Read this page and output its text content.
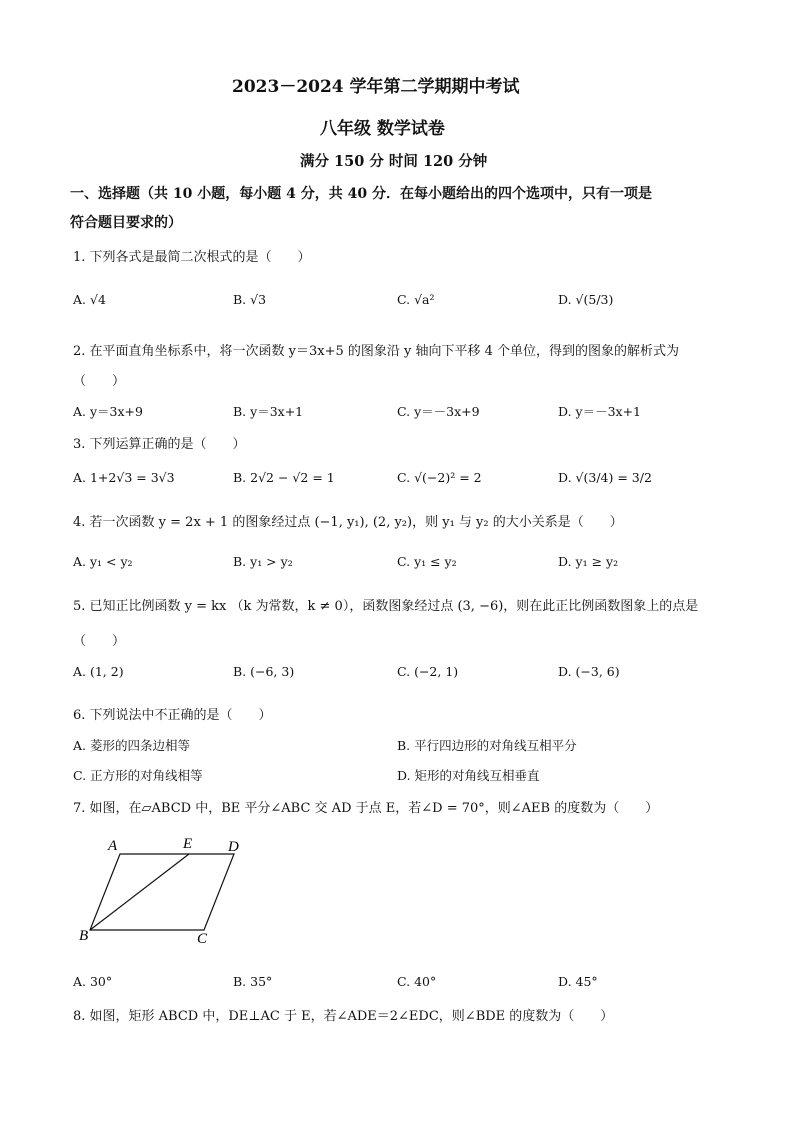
2023－2024 学年第二学期期中考试
八年级 数学试卷
满分 150 分 时间 120 分钟
一、选择题（共 10 小题，每小题 4 分，共 40 分．在每小题给出的四个选项中，只有一项是
符合题目要求的）
1. 下列各式是最简二次根式的是（　　）
A. √4	B. √3	C. √a²	D. √(5/3)
2. 在平面直角坐标系中，将一次函数 y＝3x+5 的图象沿 y 轴向下平移 4 个单位，得到的图象的解析式为
（　　）
A. y＝3x+9	B. y＝3x+1	C. y＝－3x+9	D. y＝－3x+1
3. 下列运算正确的是（　　）
A. 1+2√3 = 3√3	B. 2√2 − √2 = 1	C. √(−2)² = 2	D. √(3/4) = 3/2
4. 若一次函数 y = 2x + 1 的图象经过点 (−1, y₁), (2, y₂)，则 y₁ 与 y₂ 的大小关系是（　　）
A. y₁ < y₂	B. y₁ > y₂	C. y₁ ≤ y₂	D. y₁ ≥ y₂
5. 已知正比例函数 y = kx （k 为常数，k ≠ 0），函数图象经过点 (3, −6)，则在此正比例函数图象上的点是
（　　）
A. (1, 2)	B. (−6, 3)	C. (−2, 1)	D. (−3, 6)
6. 下列说法中不正确的是（　　）
A. 菱形的四条边相等	B. 平行四边形的对角线互相平分
C. 正方形的对角线相等	D. 矩形的对角线互相垂直
7. 如图，在▱ABCD 中，BE 平分∠ABC 交 AD 于点 E，若∠D = 70°，则∠AEB 的度数为（　　）
A	E D
B	C
A. 30°	B. 35°	C. 40°	D. 45°
8. 如图，矩形 ABCD 中，DE⊥AC 于 E，若∠ADE＝2∠EDC，则∠BDE 的度数为（　　）
